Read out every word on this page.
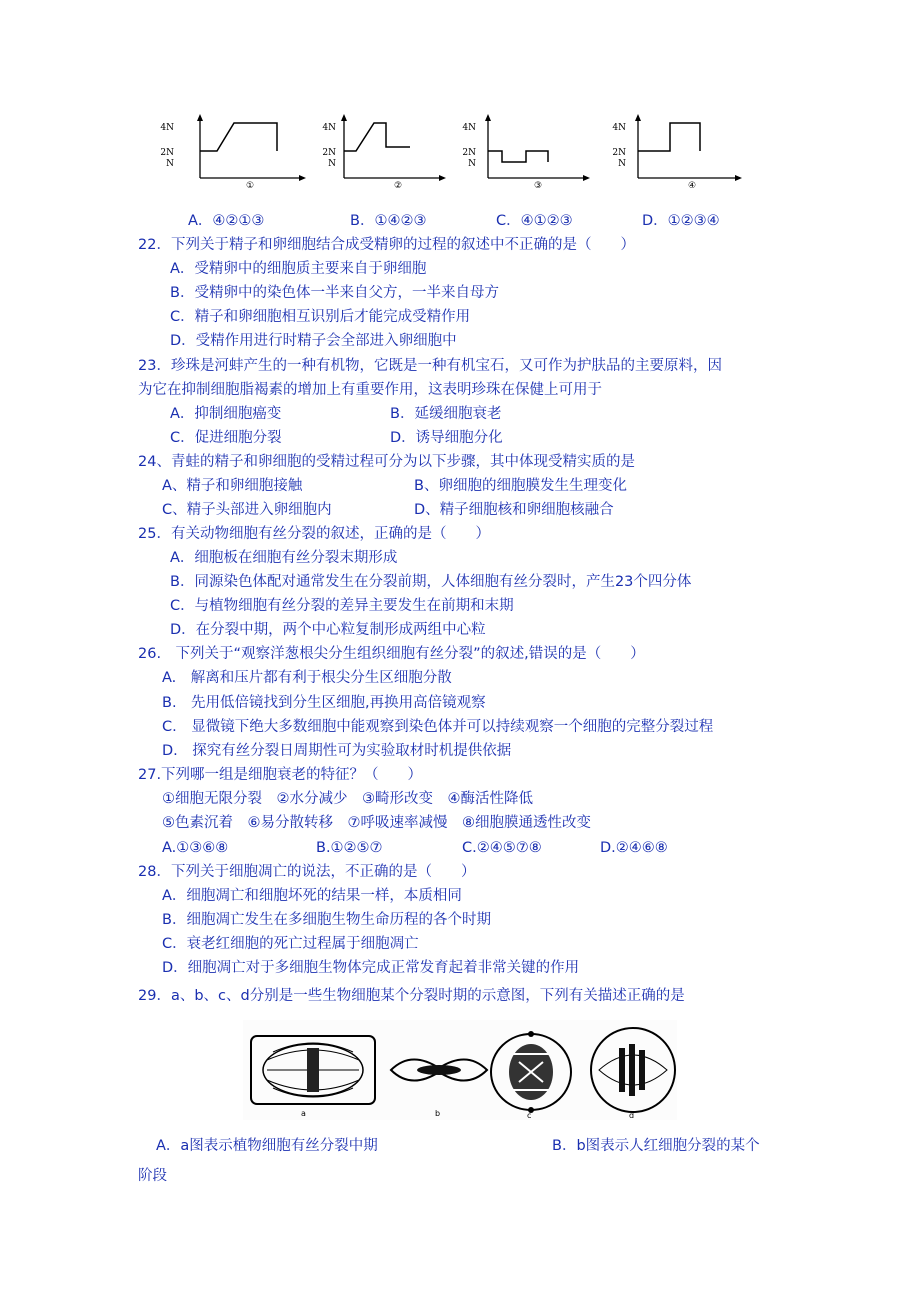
4N
2N
N
①
4N
2N
N
②
4N
2N
N
③
4N
2N
N
④
A．④②①③	B．①④②③	C．④①②③	D．①②③④
22．下列关于精子和卵细胞结合成受精卵的过程的叙述中不正确的是（　　）
A．受精卵中的细胞质主要来自于卵细胞
B．受精卵中的染色体一半来自父方，一半来自母方
C．精子和卵细胞相互识别后才能完成受精作用
D．受精作用进行时精子会全部进入卵细胞中
23．珍珠是河蚌产生的一种有机物，它既是一种有机宝石，又可作为护肤品的主要原料，因
为它在抑制细胞脂褐素的增加上有重要作用，这表明珍珠在保健上可用于
A．抑制细胞癌变	B．延缓细胞衰老
C．促进细胞分裂	D．诱导细胞分化
24、青蛙的精子和卵细胞的受精过程可分为以下步骤，其中体现受精实质的是
A、精子和卵细胞接触	B、卵细胞的细胞膜发生生理变化
C、精子头部进入卵细胞内	D、精子细胞核和卵细胞核融合
25．有关动物细胞有丝分裂的叙述，正确的是（　　）
A．细胞板在细胞有丝分裂末期形成
B．同源染色体配对通常发生在分裂前期，人体细胞有丝分裂时，产生23个四分体
C．与植物细胞有丝分裂的差异主要发生在前期和末期
D．在分裂中期，两个中心粒复制形成两组中心粒
26.　下列关于“观察洋葱根尖分生组织细胞有丝分裂”的叙述,错误的是（　　）
A.　解离和压片都有利于根尖分生区细胞分散
B.　先用低倍镜找到分生区细胞,再换用高倍镜观察
C.　显微镜下绝大多数细胞中能观察到染色体并可以持续观察一个细胞的完整分裂过程
D.　探究有丝分裂日周期性可为实验取材时机提供依据
27.下列哪一组是细胞衰老的特征？（　　）
①细胞无限分裂　②水分减少　③畸形改变　④酶活性降低
⑤色素沉着　⑥易分散转移　⑦呼吸速率减慢　⑧细胞膜通透性改变
A.①③⑥⑧	B.①②⑤⑦	C.②④⑤⑦⑧	D.②④⑥⑧
28．下列关于细胞凋亡的说法，不正确的是（　　）
A．细胞凋亡和细胞坏死的结果一样，本质相同
B．细胞凋亡发生在多细胞生物生命历程的各个时期
C．衰老红细胞的死亡过程属于细胞凋亡
D．细胞凋亡对于多细胞生物体完成正常发育起着非常关键的作用
29．a、b、c、d分别是一些生物细胞某个分裂时期的示意图，下列有关描述正确的是
a	b	c	d
A．a图表示植物细胞有丝分裂中期	B．b图表示人红细胞分裂的某个
阶段
